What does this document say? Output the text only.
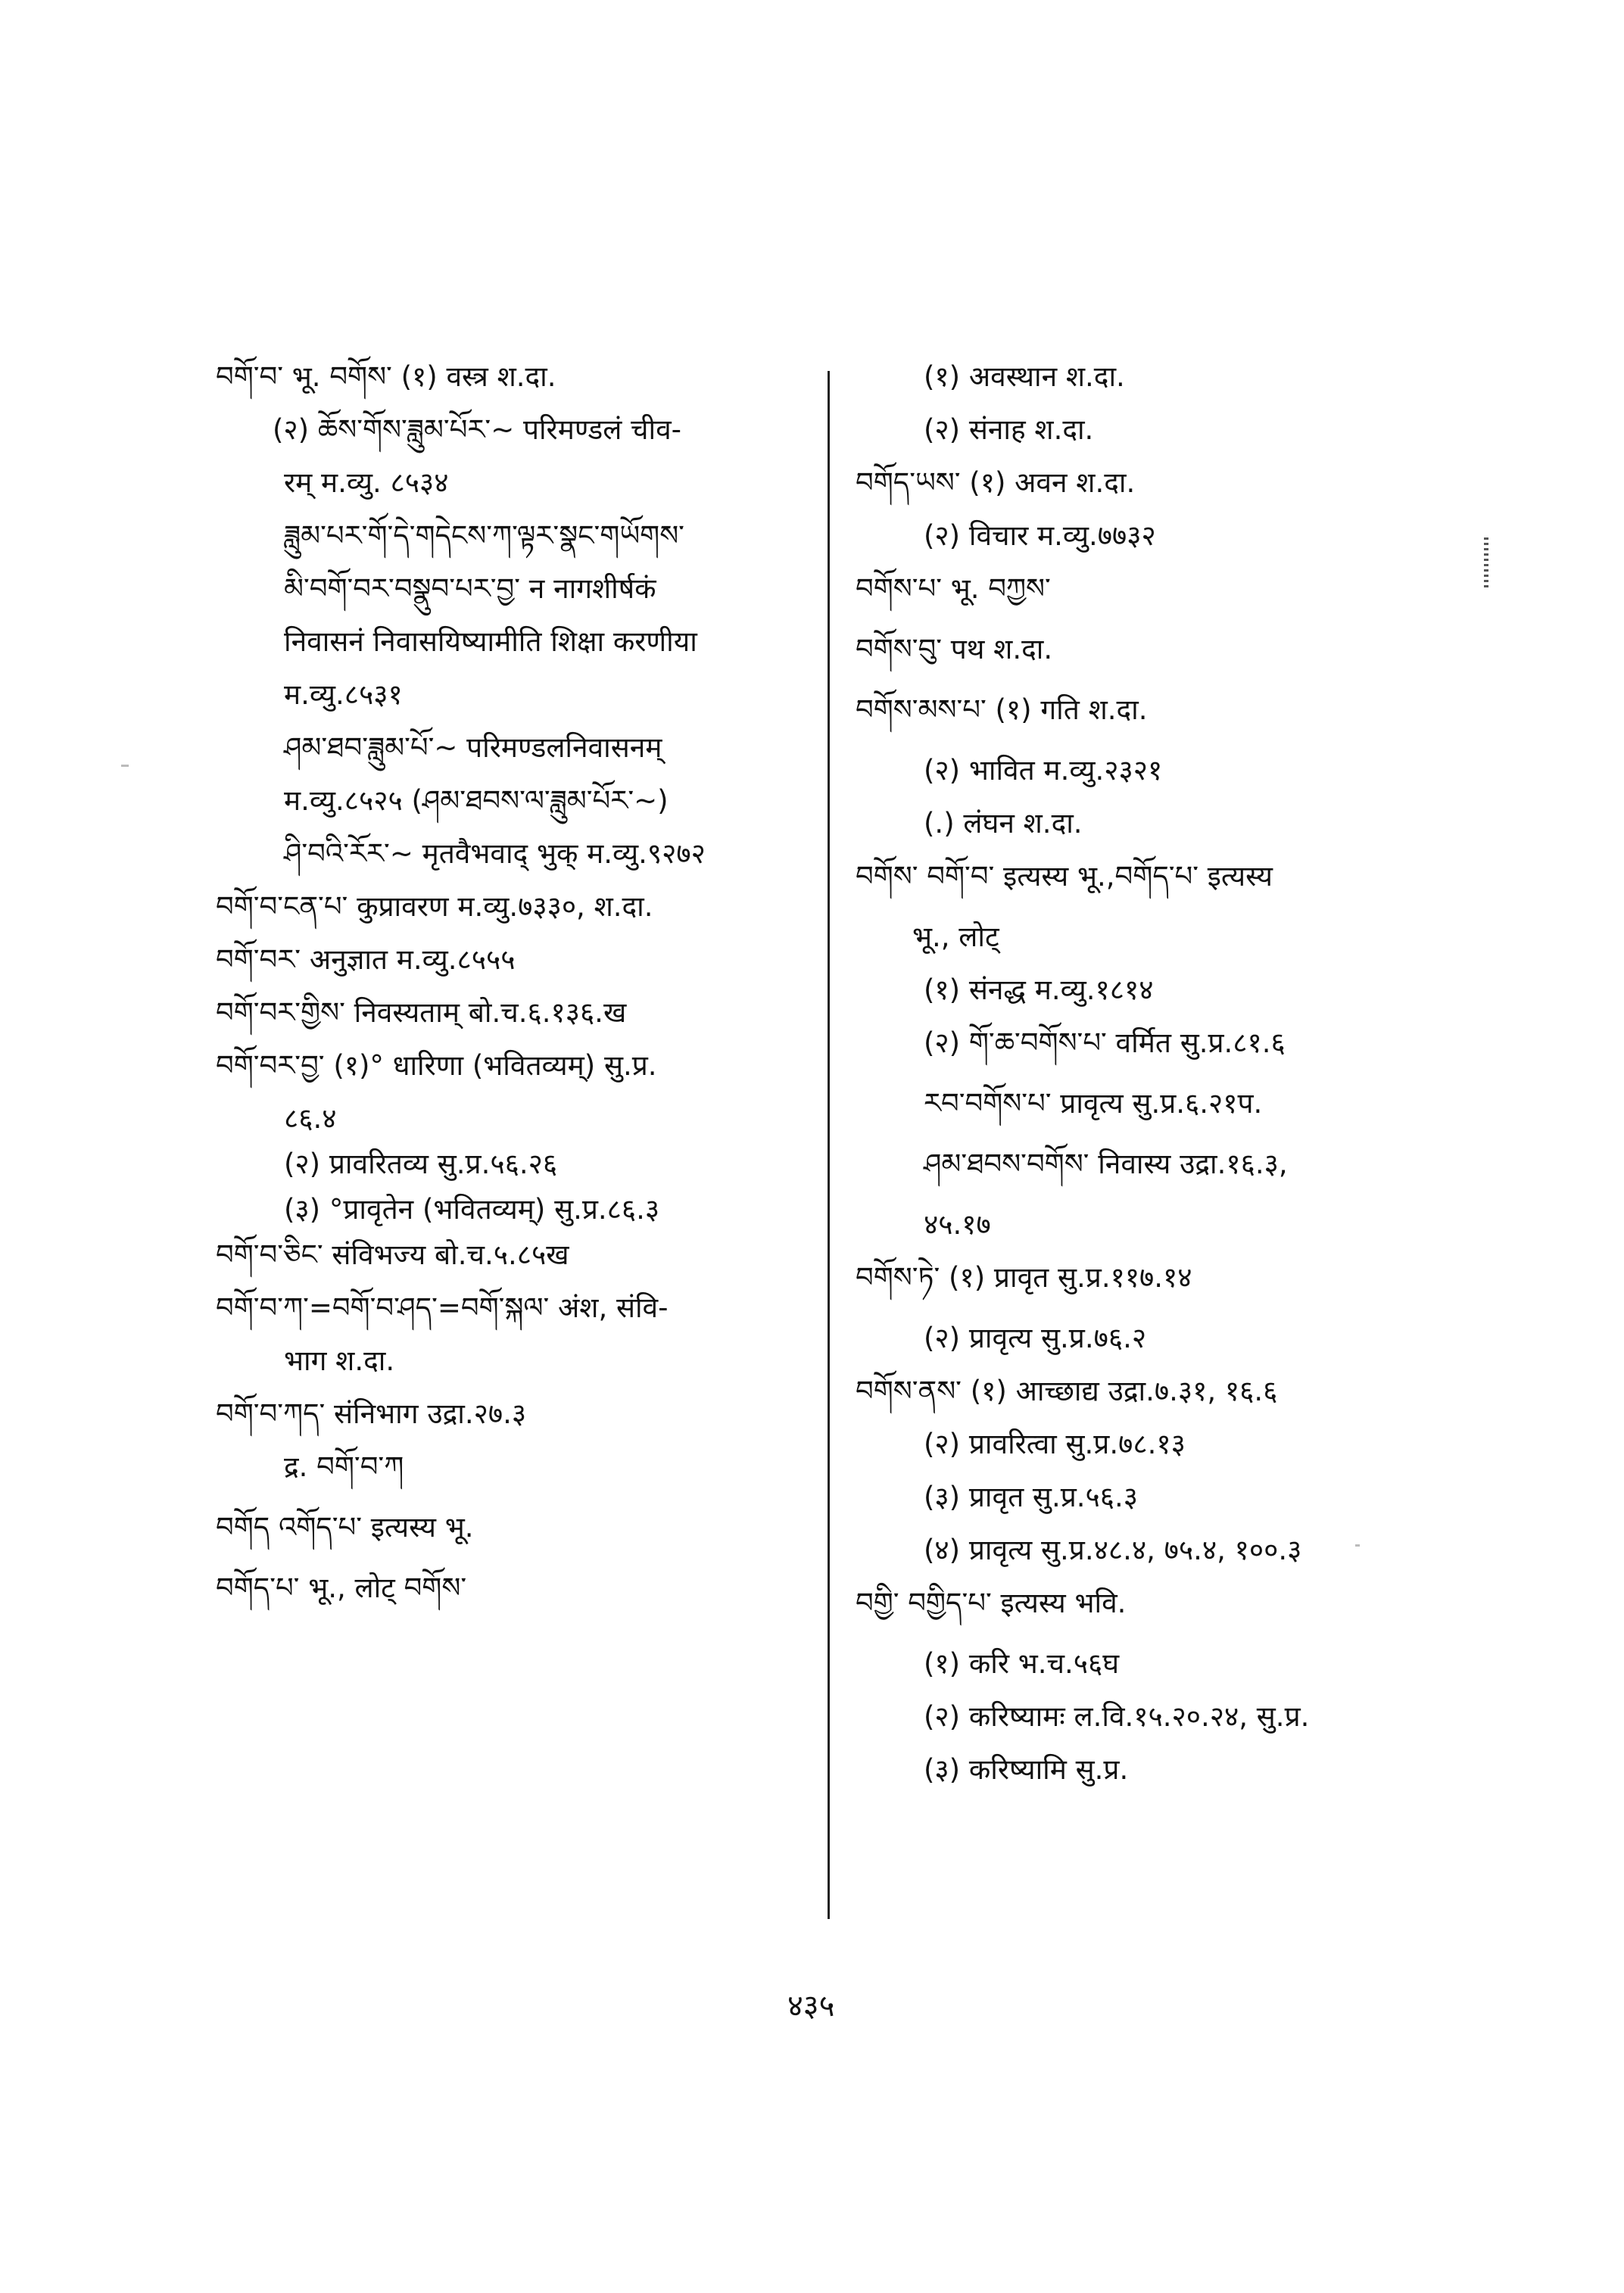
བགོ་བ་ भू. བགོས་ (१) वस्त्र श.दा.
(२) ཆོས་གོས་ཟླུམ་པོར་~ परिमण्डलं चीव-
रम् म.व्यु. ८५३४
ཟླུམ་པར་གོ་དེ་གདེངས་ཀ་ལྟར་སྣང་གཡོགས་
མི་བགོ་བར་བསྣུབ་པར་བྱ་ न नागशीर्षकं
निवासनं निवासयिष्यामीति शिक्षा करणीया
म.व्यु.८५३१
ཤམ་ཐབ་ཟླུམ་པོ་~ परिमण्डलनिवासनम्
म.व्यु.८५२५ (ཤམ་ཐབས་ལ་ཟླུམ་པོར་~)
ཤི་བའི་རོར་~ मृतवैभवाद् भुक् म.व्यु.९२७२
བགོ་བ་ངན་པ་ कुप्रावरण म.व्यु.७३३०, श.दा.
བགོ་བར་ अनुज्ञात म.व्यु.८५५५
བགོ་བར་གྱིས་ निवस्यताम् बो.च.६.१३६.ख
བགོ་བར་བྱ་ (१)° धारिणा (भवितव्यम्) सु.प्र.
८६.४
(२) प्रावरितव्य सु.प्र.५६.२६
(३) °प्रावृतेन (भवितव्यम्) सु.प्र.८६.३
བགོ་བ་ཅིང་ संविभज्य बो.च.५.८५ख
བགོ་བ་ཀ་=བགོ་བ་ཤད་=བགོ་སྐལ་ अंश, संवि-
भाग श.दा.
བགོ་བ་ཀད་ संनिभाग उद्रा.२७.३
द्र. བགོ་བ་ཀ
བགོད འགོད་པ་ इत्यस्य भू.
བགོད་པ་ भू., लोट् བགོས་
(१) अवस्थान श.दा.
(२) संनाह श.दा.
བགོད་ཡས་ (१) अवन श.दा.
(२) विचार म.व्यु.७७३२
བགོས་པ་ भू. བཀྱས་
བགོས་བུ་ पथ श.दा.
བགོས་མས་པ་ (१) गति श.दा.
(२) भावित म.व्यु.२३२१
(.) लंघन श.दा.
བགོས་ བགོ་བ་ इत्यस्य भू.,བགོད་པ་ इत्यस्य
भू., लोट्
(१) संनद्ध म.व्यु.१८१४
(२) གོ་ཆ་བགོས་པ་ वर्मित सु.प्र.८१.६
རབ་བགོས་པ་ प्रावृत्य सु.प्र.६.२१प.
ཤམ་ཐབས་བགོས་ निवास्य उद्रा.१६.३,
४५.१७
བགོས་ཏེ་ (१) प्रावृत सु.प्र.११७.१४
(२) प्रावृत्य सु.प्र.७६.२
བགོས་ནས་ (१) आच्छाद्य उद्रा.७.३१, १६.६
(२) प्रावरित्वा सु.प्र.७८.१३
(३) प्रावृत सु.प्र.५६.३
(४) प्रावृत्य सु.प्र.४८.४, ७५.४, १००.३
བགྱི་ བགྱིད་པ་ इत्यस्य भवि.
(१) करि भ.च.५६घ
(२) करिष्यामः ल.वि.१५.२०.२४, सु.प्र.
(३) करिष्यामि सु.प्र.
४३५
